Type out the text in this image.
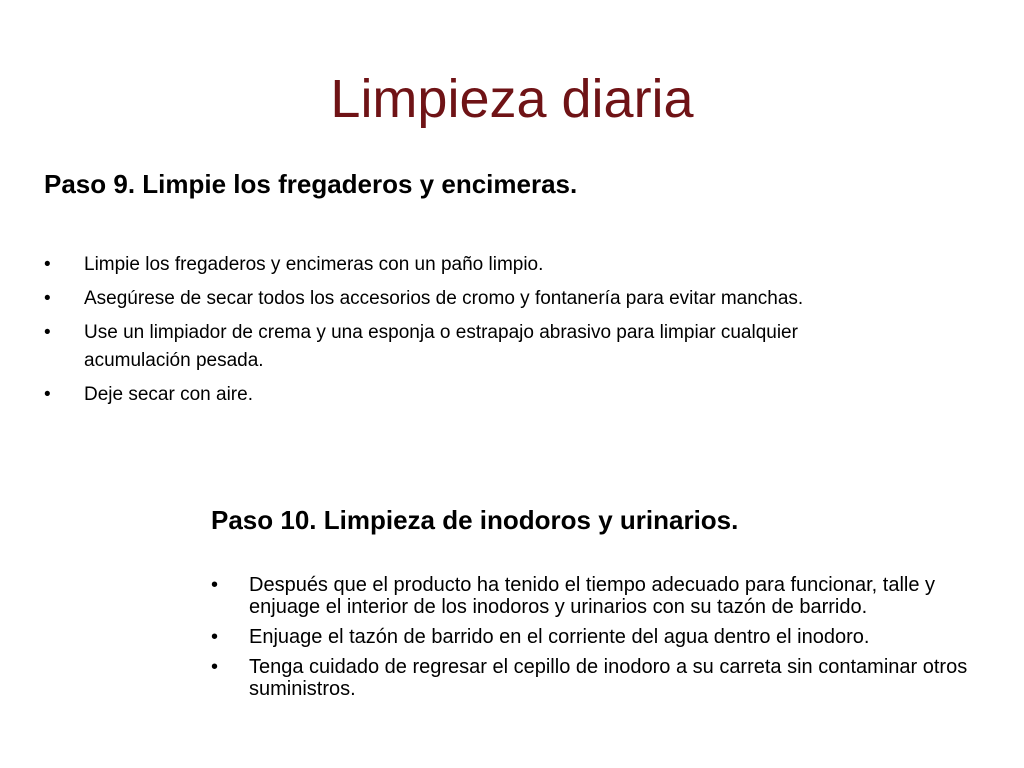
Limpieza diaria
Paso 9. Limpie los fregaderos y encimeras.
• Limpie los fregaderos y encimeras con un paño limpio.
• Asegúrese de secar todos los accesorios de cromo y fontanería para evitar manchas.
• Use un limpiador de crema y una esponja o estrapajo abrasivo para limpiar cualquier acumulación pesada.
• Deje secar con aire.
Paso 10. Limpieza de inodoros y urinarios.
• Después que el producto ha tenido el tiempo adecuado para funcionar, talle y enjuage el interior de los inodoros y urinarios con su tazón de barrido.
• Enjuage el tazón de barrido en el corriente del agua dentro el inodoro.
• Tenga cuidado de regresar el cepillo de inodoro a su carreta sin contaminar otros suministros.
